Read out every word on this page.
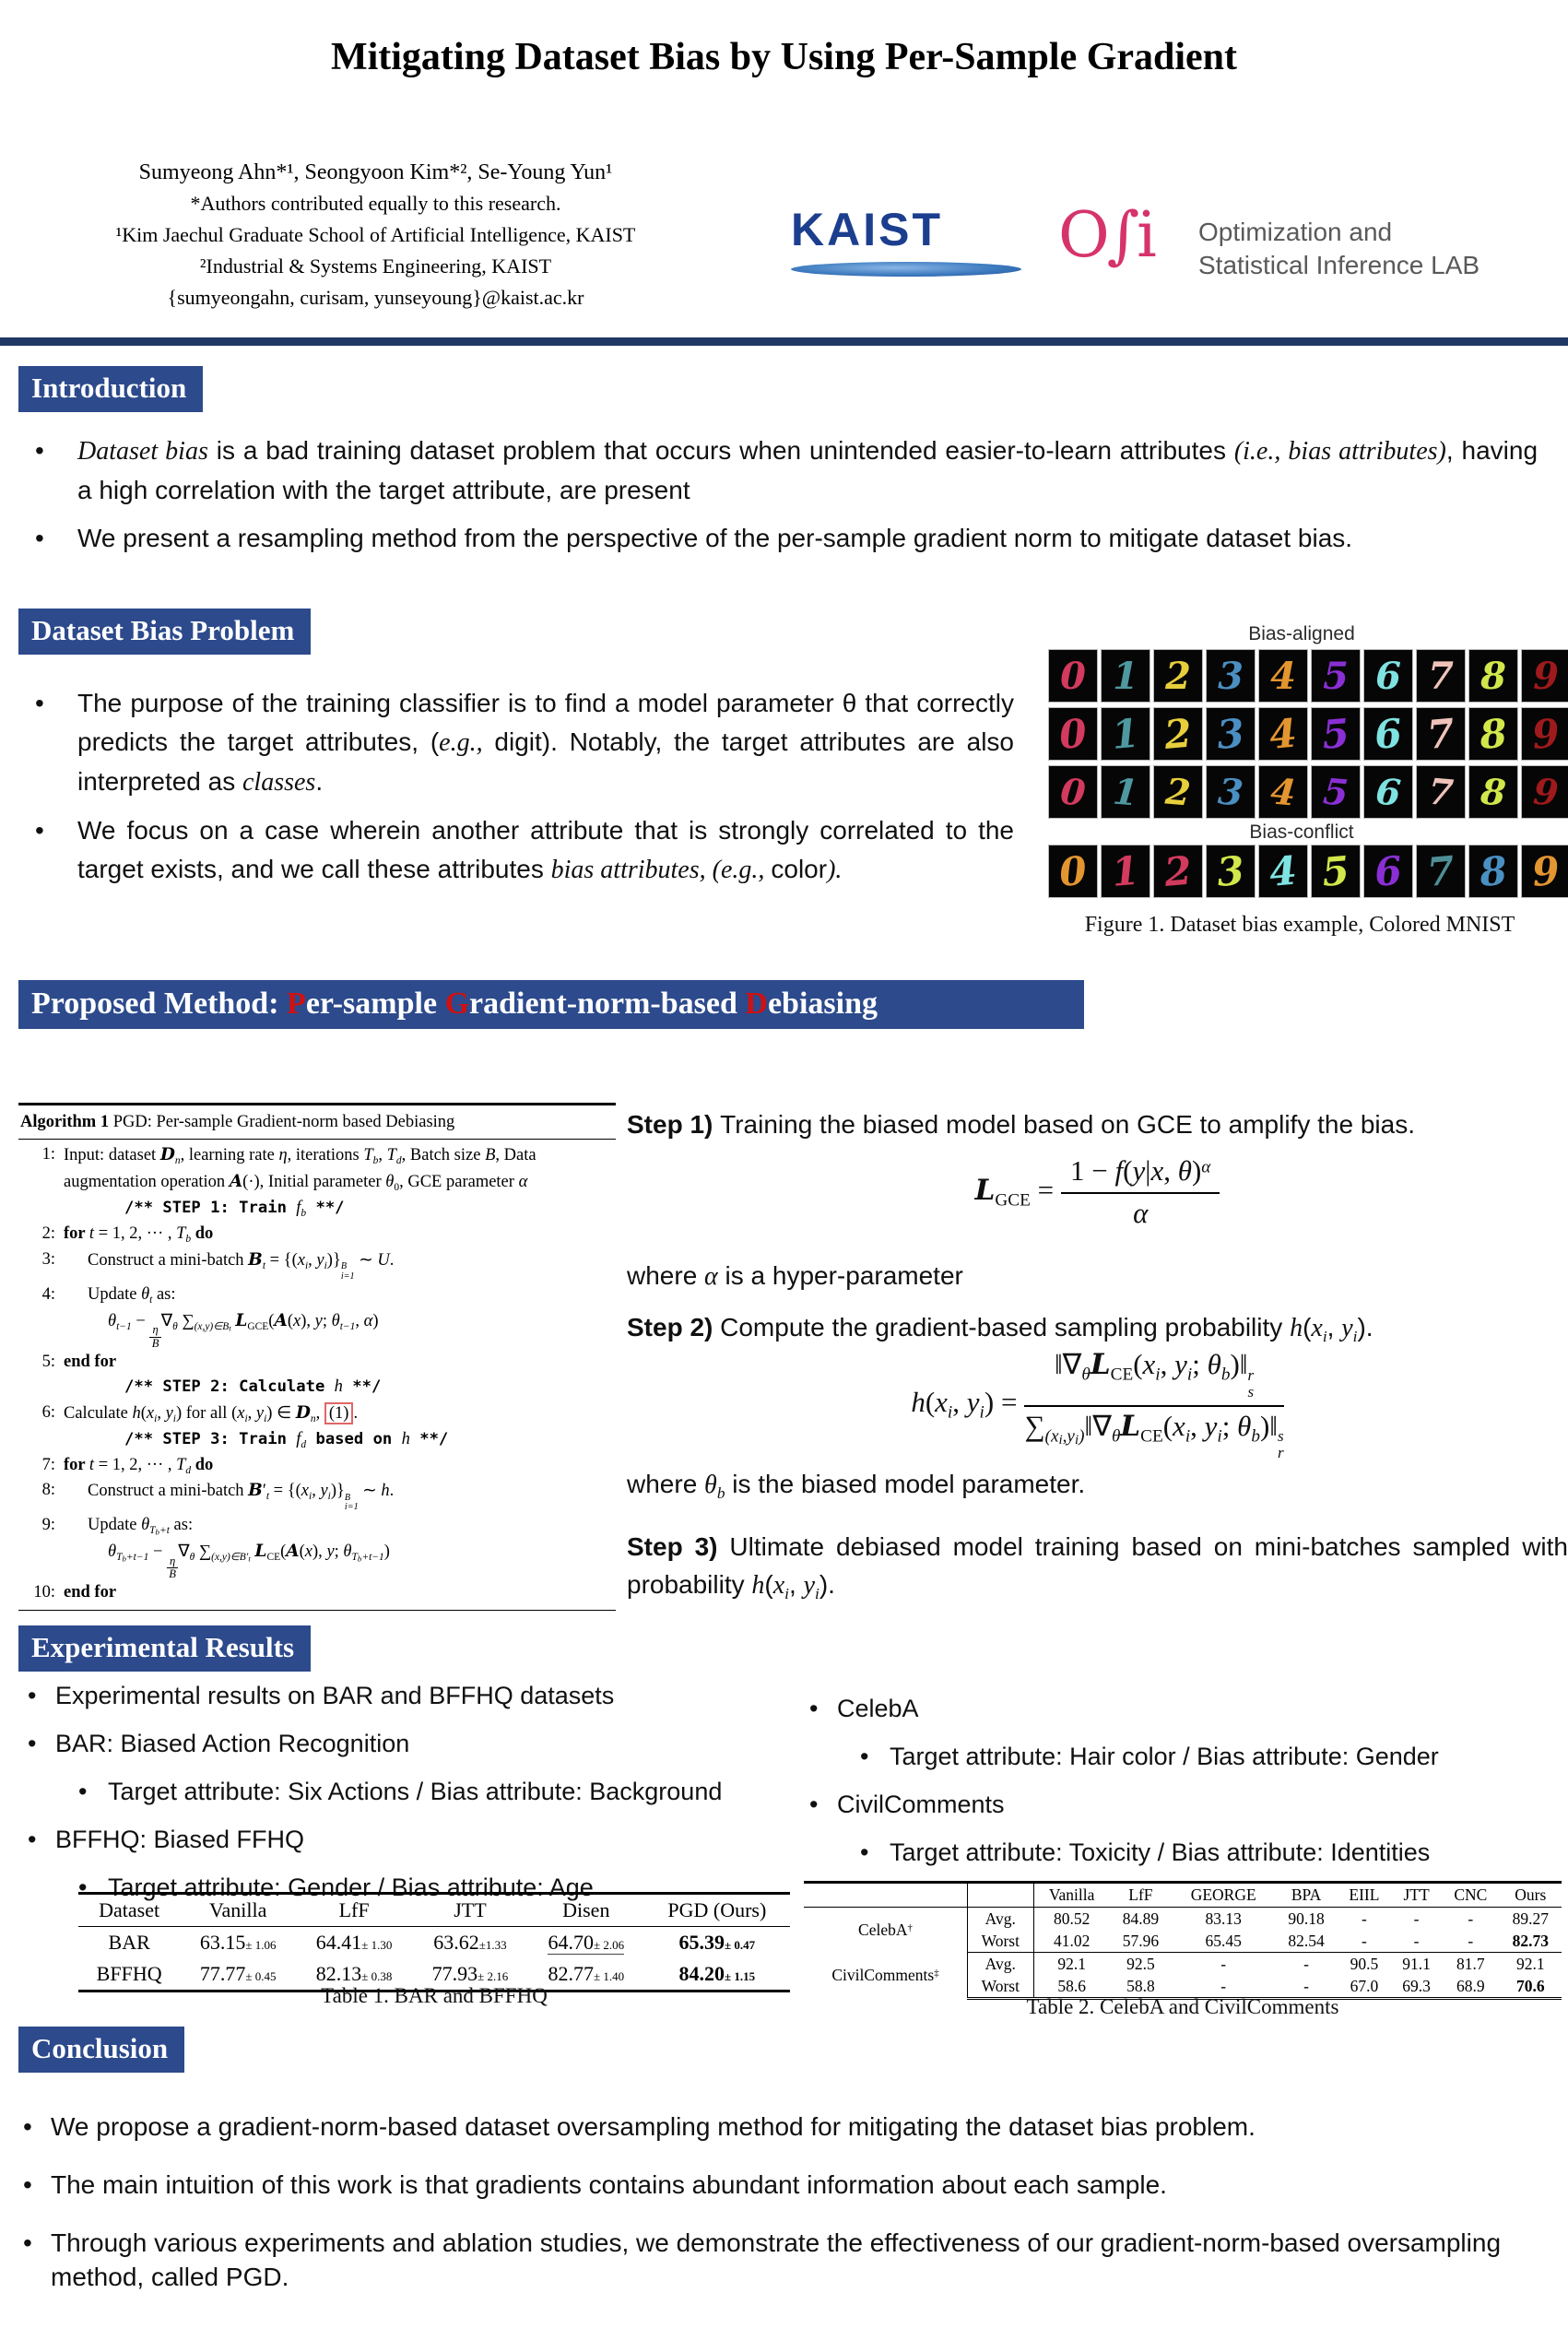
Mitigating Dataset Bias by Using Per-Sample Gradient
Sumyeong Ahn*¹, Seongyoon Kim*², Se-Young Yun¹
*Authors contributed equally to this research.
¹Kim Jaechul Graduate School of Artificial Intelligence, KAIST
²Industrial & Systems Engineering, KAIST
{sumyeongahn, curisam, yunseyoung}@kaist.ac.kr
KAIST	O∫i Optimization and
Statistical Inference LAB
Introduction
•	Dataset bias is a bad training dataset problem that occurs when unintended easier-to-learn attributes (i.e., bias attributes), having a high correlation with the target attribute, are present
•	We present a resampling method from the perspective of the per-sample gradient norm to mitigate dataset bias.
Dataset Bias Problem
•	The purpose of the training classifier is to find a model parameter θ that correctly predicts the target attributes, (e.g., digit). Notably, the target attributes are also interpreted as classes.
•	We focus on a case wherein another attribute that is strongly correlated to the target exists, and we call these attributes bias attributes, (e.g., color).
Bias-aligned
0 1 2 3 4 5 6 7 8 9
0 1 2 3 4 5 6 7 8 9
0 1 2 3 4 5 6 7 8 9
Bias-conflict
0 1 2 3 4 5 6 7 8 9
Figure 1. Dataset bias example, Colored MNIST
Proposed Method: Per-sample Gradient-norm-based Debiasing
Algorithm 1 PGD: Per-sample Gradient-norm based Debiasing
1: Input: dataset $D_n$, learning rate η, iterations $T_b$, $T_d$, Batch size B, Data augmentation operation A(·), Initial parameter $\theta_0$, GCE parameter α
/** STEP 1: Train $f_b$ **/
2: for t = 1, 2, ··· , $T_b$ do
3:	Construct a mini-batch $B_t = \{(x_i$, $y_i$)} B
i=1
∼ U.
4:	Update $\theta_t$ as:
$\theta_{t-1}$ −
$\frac{\eta}{B}$
$\nabla_\theta$ $\sum_{(x,y)\in Bt}$ $L_{GCE}(A(x)$, y; $\theta_{t-1}$, α)
5: end for
/** STEP 2: Calculate h **/
6: Calculate $h(x_i$, $y_i$) for all ($x_i$, $y_i$) ∈ $D_n$, (1) .
/** STEP 3: Train $f_d$ based on h **/
7: for t = 1, 2, ··· , $T_d$ do
8:	Construct a mini-batch $B'_t = \{(x_i$, $y_i$)} B
i=1
∼ h.
9:	Update $\theta_{Tb+t}$ as:
$\theta_{Tb+t-1}$ −
$\frac{\eta}{B}$
$\nabla_\theta$ $\sum_{(x,y)\in B't}$ $L_{CE}(A(x)$, y; $\theta_{Tb+t-1}$)
10: end for
Step 1) Training the biased model based on GCE to amplify the bias.
$L_{GCE} = \frac{1 - f(y|x, \theta)^\alpha}{\alpha}$
where α is a hyper-parameter
Step 2) Compute the gradient-based sampling probability $h(x_i$, $y_i$).
$h(x_i$, $y_i$) = $‖\nabla_\theta L_{CE}(x_i$, $y_i$; $\theta_b)‖$ r
s
$\sum_{(xi,yi)}‖\nabla_\theta L_{CE}(x_i$, $y_i$; $\theta_b)‖$ s
r
where $\theta_b$ is the biased model parameter.
Step 3) Ultimate debiased model training based on mini-batches sampled with probability $h(x_i$, $y_i$).
Experimental Results
• Experimental results on BAR and BFFHQ datasets
• BAR: Biased Action Recognition
• Target attribute: Six Actions / Bias attribute: Background
• BFFHQ: Biased FFHQ
• Target attribute: Gender / Bias attribute: Age
• CelebA
• Target attribute: Hair color / Bias attribute: Gender
• CivilComments
• Target attribute: Toxicity / Bias attribute: Identities
Dataset	Vanilla	LfF	JTT	Disen	PGD (Ours)
BAR	63.15± 1.06	64.41± 1.30	63.62±1.33	64.70± 2.06	65.39± 0.47
BFFHQ	77.77± 0.45	82.13± 0.38	77.93± 2.16	82.77± 1.40	84.20± 1.15
Table 1. BAR and BFFHQ
		Vanilla	LfF	GEORGE	BPA	EIIL	JTT	CNC	Ours
CelebA†	Avg.	80.52	84.89	83.13	90.18	-	-	-	89.27
	Worst	41.02	57.96	65.45	82.54	-	-	-	82.73
CivilComments‡	Avg.	92.1	92.5	-	-	90.5	91.1	81.7	92.1
	Worst	58.6	58.8	-	-	67.0	69.3	68.9	70.6
Table 2. CelebA and CivilComments
Conclusion
• We propose a gradient-norm-based dataset oversampling method for mitigating the dataset bias problem.
• The main intuition of this work is that gradients contains abundant information about each sample.
• Through various experiments and ablation studies, we demonstrate the effectiveness of our gradient-norm-based oversampling method, called PGD.
